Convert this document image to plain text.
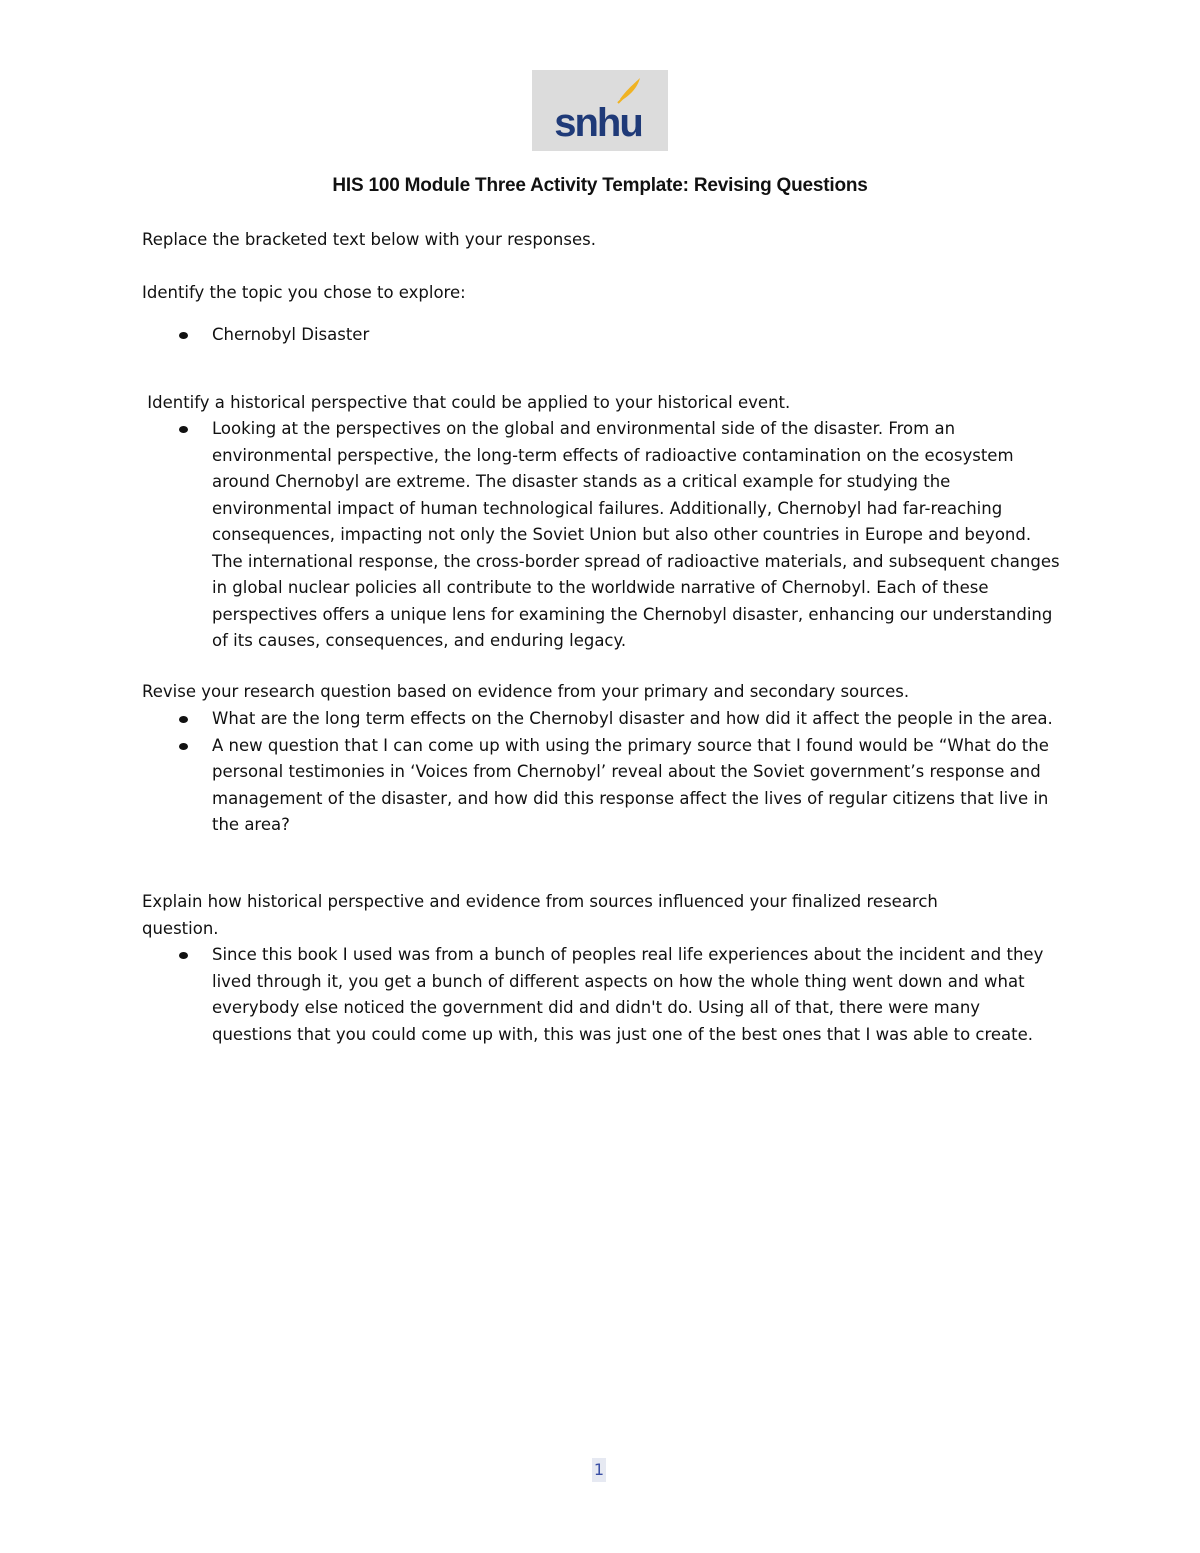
snhu
HIS 100 Module Three Activity Template: Revising Questions

Replace the bracketed text below with your responses.

Identify the topic you chose to explore:

Chernobyl Disaster

Identify a historical perspective that could be applied to your historical event.

Looking at the perspectives on the global and environmental side of the disaster. From an environmental perspective, the long-term effects of radioactive contamination on the ecosystem around Chernobyl are extreme. The disaster stands as a critical example for studying the environmental impact of human technological failures. Additionally, Chernobyl had far-reaching consequences, impacting not only the Soviet Union but also other countries in Europe and beyond. The international response, the cross-border spread of radioactive materials, and subsequent changes in global nuclear policies all contribute to the worldwide narrative of Chernobyl. Each of these perspectives offers a unique lens for examining the Chernobyl disaster, enhancing our understanding of its causes, consequences, and enduring legacy.

Revise your research question based on evidence from your primary and secondary sources.

What are the long term effects on the Chernobyl disaster and how did it affect the people in the area.
A new question that I can come up with using the primary source that I found would be “What do the personal testimonies in ‘Voices from Chernobyl’ reveal about the Soviet government’s response and management of the disaster, and how did this response affect the lives of regular citizens that live in the area?

Explain how historical perspective and evidence from sources influenced your finalized research question.

Since this book I used was from a bunch of peoples real life experiences about the incident and they lived through it, you get a bunch of different aspects on how the whole thing went down and what everybody else noticed the government did and didn't do. Using all of that, there were many questions that you could come up with, this was just one of the best ones that I was able to create.
1
